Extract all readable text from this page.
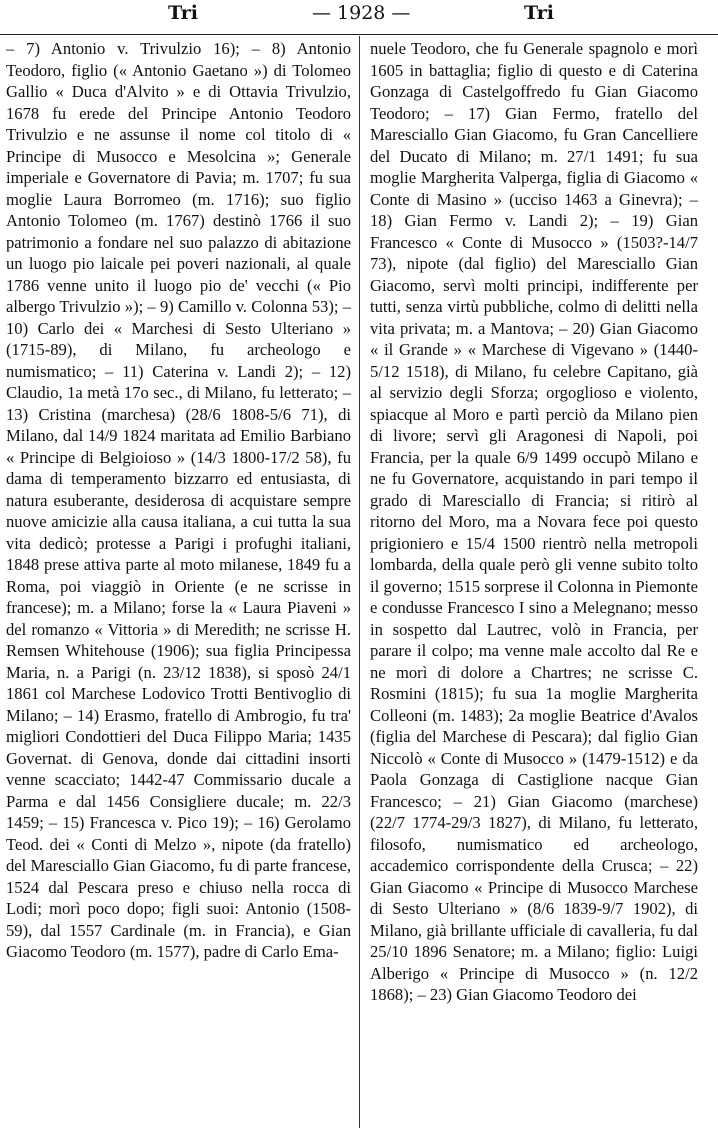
Tri	— 1928 —	Tri

– 7) Antonio v. Trivulzio 16); – 8) Antonio Teodoro, figlio (« Antonio Gaetano ») di Tolomeo Gallio « Duca d'Alvito » e di Ottavia Trivulzio, 1678 fu erede del Principe Antonio Teodoro Trivulzio e ne assunse il nome col titolo di « Principe di Musocco e Mesolcina »; Generale imperiale e Governatore di Pavia; m. 1707; fu sua moglie Laura Borromeo (m. 1716); suo figlio Antonio Tolomeo (m. 1767) destinò 1766 il suo patrimonio a fondare nel suo palazzo di abitazione un luogo pio laicale pei poveri nazionali, al quale 1786 venne unito il luogo pio de' vecchi (« Pio albergo Trivulzio »); – 9) Camillo v. Colonna 53); – 10) Carlo dei « Marchesi di Sesto Ulteriano » (1715-89), di Milano, fu archeologo e numismatico; – 11) Caterina v. Landi 2); – 12) Claudio, 1a metà 17o sec., di Milano, fu letterato; – 13) Cristina (marchesa) (28/6 1808-5/6 71), di Milano, dal 14/9 1824 maritata ad Emilio Barbiano « Principe di Belgioioso » (14/3 1800-17/2 58), fu dama di temperamento bizzarro ed entusiasta, di natura esuberante, desiderosa di acquistare sempre nuove amicizie alla causa italiana, a cui tutta la sua vita dedicò; protesse a Parigi i profughi italiani, 1848 prese attiva parte al moto milanese, 1849 fu a Roma, poi viaggiò in Oriente (e ne scrisse in francese); m. a Milano; forse la « Laura Piaveni » del romanzo « Vittoria » di Meredith; ne scrisse H. Remsen Whitehouse (1906); sua figlia Principessa Maria, n. a Parigi (n. 23/12 1838), si sposò 24/1 1861 col Marchese Lodovico Trotti Bentivoglio di Milano; – 14) Erasmo, fratello di Ambrogio, fu tra' migliori Condottieri del Duca Filippo Maria; 1435 Governat. di Genova, donde dai cittadini insorti venne scacciato; 1442-47 Commissario ducale a Parma e dal 1456 Consigliere ducale; m. 22/3 1459; – 15) Francesca v. Pico 19); – 16) Gerolamo Teod. dei « Conti di Melzo », nipote (da fratello) del Maresciallo Gian Giacomo, fu di parte francese, 1524 dal Pescara preso e chiuso nella rocca di Lodi; morì poco dopo; figli suoi: Antonio (1508-59), dal 1557 Cardinale (m. in Francia), e Gian Giacomo Teodoro (m. 1577), padre di Carlo Ema-

nuele Teodoro, che fu Generale spagnolo e morì 1605 in battaglia; figlio di questo e di Caterina Gonzaga di Castelgoffredo fu Gian Giacomo Teodoro; – 17) Gian Fermo, fratello del Maresciallo Gian Giacomo, fu Gran Cancelliere del Ducato di Milano; m. 27/1 1491; fu sua moglie Margherita Valperga, figlia di Giacomo « Conte di Masino » (ucciso 1463 a Ginevra); – 18) Gian Fermo v. Landi 2); – 19) Gian Francesco « Conte di Musocco » (1503?-14/7 73), nipote (dal figlio) del Maresciallo Gian Giacomo, servì molti principi, indifferente per tutti, senza virtù pubbliche, colmo di delitti nella vita privata; m. a Mantova; – 20) Gian Giacomo « il Grande » « Marchese di Vigevano » (1440-5/12 1518), di Milano, fu celebre Capitano, già al servizio degli Sforza; orgoglioso e violento, spiacque al Moro e partì perciò da Milano pien di livore; servì gli Aragonesi di Napoli, poi Francia, per la quale 6/9 1499 occupò Milano e ne fu Governatore, acquistando in pari tempo il grado di Maresciallo di Francia; si ritirò al ritorno del Moro, ma a Novara fece poi questo prigioniero e 15/4 1500 rientrò nella metropoli lombarda, della quale però gli venne subito tolto il governo; 1515 sorprese il Colonna in Piemonte e condusse Francesco I sino a Melegnano; messo in sospetto dal Lautrec, volò in Francia, per parare il colpo; ma venne male accolto dal Re e ne morì di dolore a Chartres; ne scrisse C. Rosmini (1815); fu sua 1a moglie Margherita Colleoni (m. 1483); 2a moglie Beatrice d'Avalos (figlia del Marchese di Pescara); dal figlio Gian Niccolò « Conte di Musocco » (1479-1512) e da Paola Gonzaga di Castiglione nacque Gian Francesco; – 21) Gian Giacomo (marchese) (22/7 1774-29/3 1827), di Milano, fu letterato, filosofo, numismatico ed archeologo, accademico corrispondente della Crusca; – 22) Gian Giacomo « Principe di Musocco Marchese di Sesto Ulteriano » (8/6 1839-9/7 1902), di Milano, già brillante ufficiale di cavalleria, fu dal 25/10 1896 Senatore; m. a Milano; figlio: Luigi Alberigo « Principe di Musocco » (n. 12/2 1868); – 23) Gian Giacomo Teodoro dei
